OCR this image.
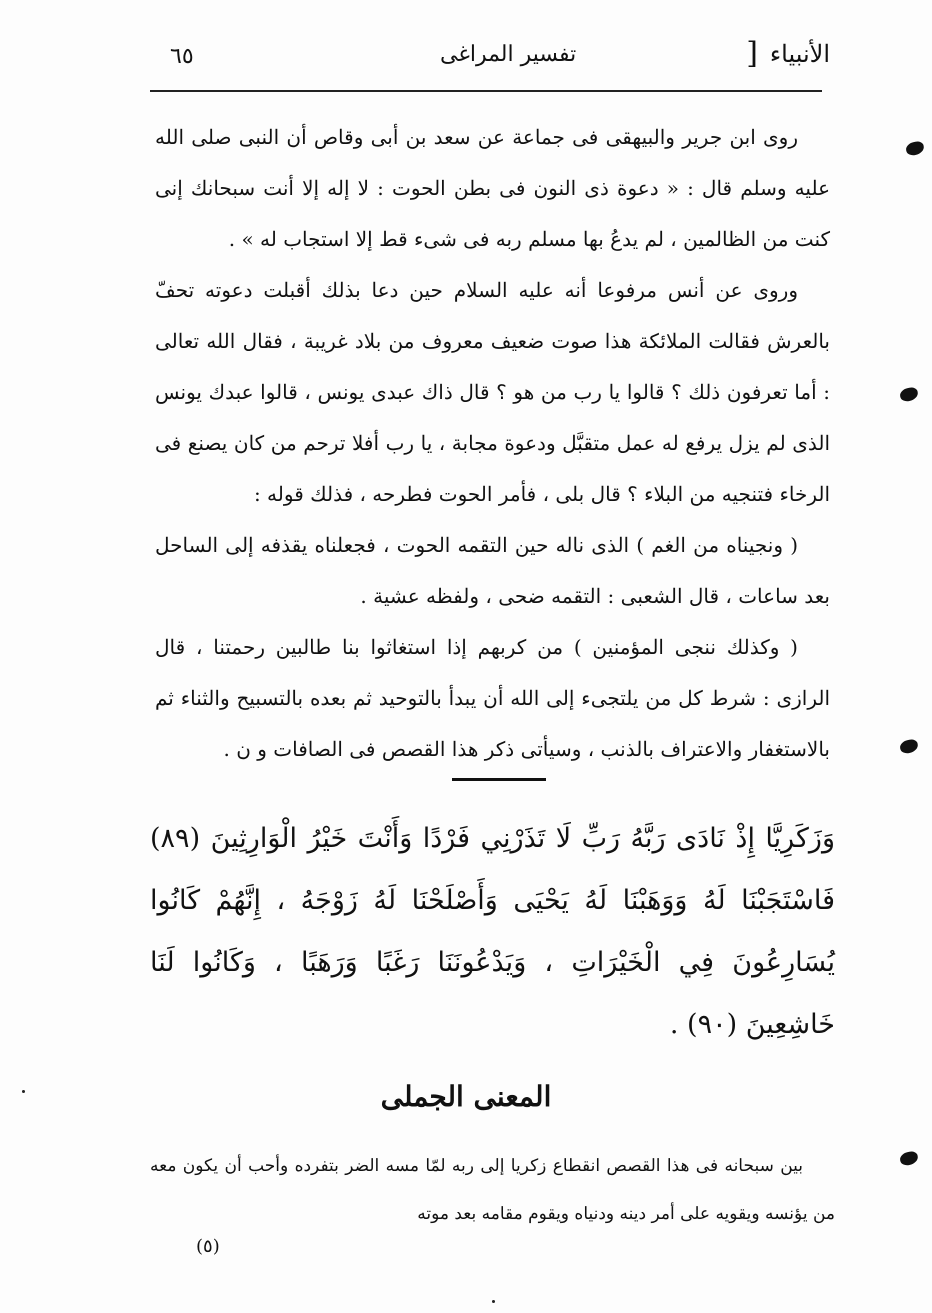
الأنبياء
]
تفسير المراغى
٦٥

روى ابن جرير والبيهقى فى جماعة عن سعد بن أبى وقاص أن النبى صلى الله عليه وسلم قال : « دعوة ذى النون فى بطن الحوت : لا إله إلا أنت سبحانك إنى كنت من الظالمين ، لم يدعُ بها مسلم ربه فى شىء قط إلا استجاب له » .

وروى عن أنس مرفوعا أنه عليه السلام حين دعا بذلك أقبلت دعوته تحفّ بالعرش فقالت الملائكة هذا صوت ضعيف معروف من بلاد غريبة ، فقال الله تعالى : أما تعرفون ذلك ؟ قالوا يا رب من هو ؟ قال ذاك عبدى يونس ، قالوا عبدك يونس الذى لم يزل يرفع له عمل متقبَّل ودعوة مجابة ، يا رب أفلا ترحم من كان يصنع فى الرخاء فتنجيه من البلاء ؟ قال بلى ، فأمر الحوت فطرحه ، فذلك قوله :

( ونجيناه من الغم ) الذى ناله حين التقمه الحوت ، فجعلناه يقذفه إلى الساحل بعد ساعات ، قال الشعبى : التقمه ضحى ، ولفظه عشية .

( وكذلك ننجى المؤمنين ) من كربهم إذا استغاثوا بنا طالبين رحمتنا ، قال الرازى : شرط كل من يلتجىء إلى الله أن يبدأ بالتوحيد ثم بعده بالتسبيح والثناء ثم بالاستغفار والاعتراف بالذنب ، وسيأتى ذكر هذا القصص فى الصافات و ن .

وَزَكَرِيَّا إِذْ نَادَى رَبَّهُ رَبِّ لَا تَذَرْنِي فَرْدًا وَأَنْتَ خَيْرُ الْوَارِثِينَ (٨٩) فَاسْتَجَبْنَا لَهُ وَوَهَبْنَا لَهُ يَحْيَى وَأَصْلَحْنَا لَهُ زَوْجَهُ ، إِنَّهُمْ كَانُوا يُسَارِعُونَ فِي الْخَيْرَاتِ ، وَيَدْعُونَنَا رَغَبًا وَرَهَبًا ، وَكَانُوا لَنَا خَاشِعِينَ (٩٠) .
المعنى الجملى
بين سبحانه فى هذا القصص انقطاع زكريا إلى ربه لمّا مسه الضر بتفرده وأحب أن يكون معه من يؤنسه ويقويه على أمر دينه ودنياه ويقوم مقامه بعد موته
(٥)
